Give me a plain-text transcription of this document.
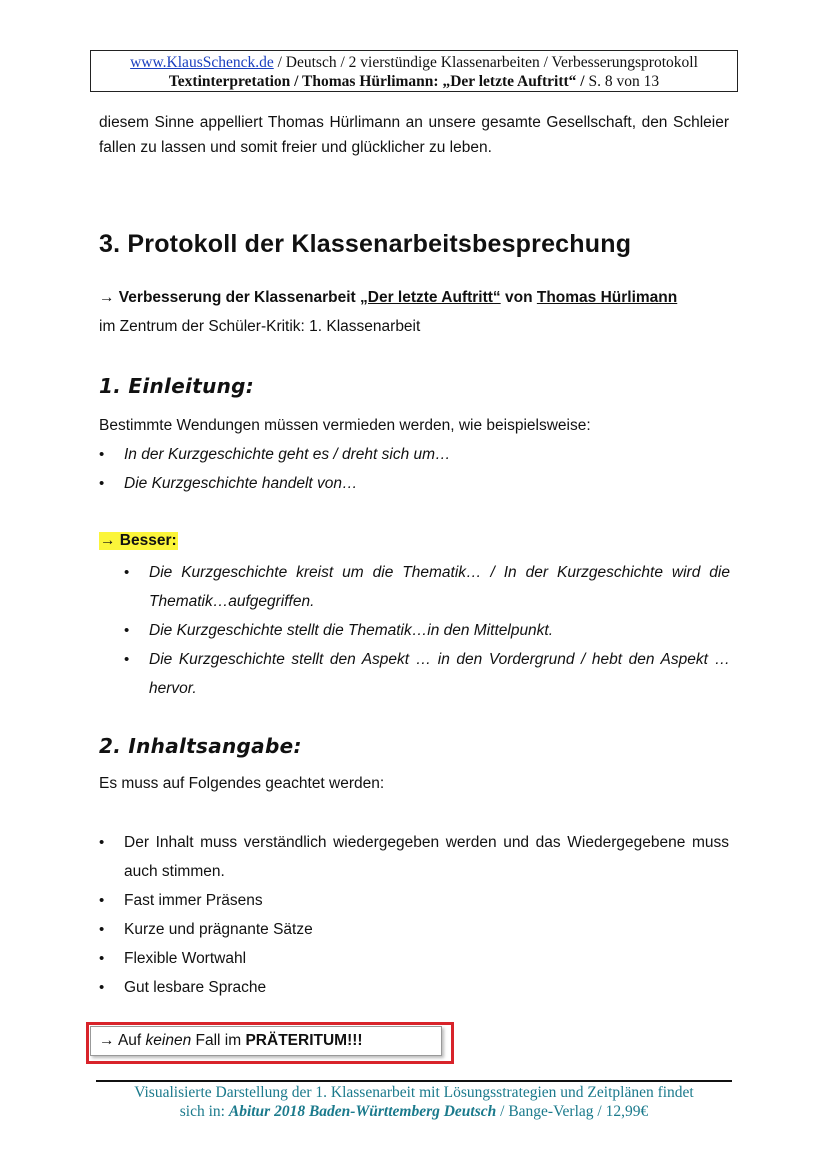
www.KlausSchenck.de / Deutsch / 2 vierstündige Klassenarbeiten / Verbesserungsprotokoll
Textinterpretation / Thomas Hürlimann: „Der letzte Auftritt“ / S. 8 von 13

diesem Sinne appelliert Thomas Hürlimann an unsere gesamte Gesellschaft, den Schleier fallen zu lassen und somit freier und glücklicher zu leben.

3. Protokoll der Klassenarbeitsbesprechung
→ Verbesserung der Klassenarbeit „Der letzte Auftritt“ von Thomas Hürlimann
im Zentrum der Schüler-Kritik: 1. Klassenarbeit
1. Einleitung:

Bestimmte Wendungen müssen vermieden werden, wie beispielsweise:

• In der Kurzgeschichte geht es / dreht sich um…
• Die Kurzgeschichte handelt von…
→ Besser:
• Die Kurzgeschichte kreist um die Thematik… / In der Kurzgeschichte wird die Thematik…aufgegriffen.
• Die Kurzgeschichte stellt die Thematik…in den Mittelpunkt.
• Die Kurzgeschichte stellt den Aspekt … in den Vordergrund / hebt den Aspekt … hervor.
2. Inhaltsangabe:

Es muss auf Folgendes geachtet werden:

• Der Inhalt muss verständlich wiedergegeben werden und das Wiedergegebene muss auch stimmen.
• Fast immer Präsens
• Kurze und prägnante Sätze
• Flexible Wortwahl
• Gut lesbare Sprache
→ Auf keinen Fall im PRÄTERITUM!!!
Visualisierte Darstellung der 1. Klassenarbeit mit Lösungsstrategien und Zeitplänen findet
sich in: Abitur 2018 Baden-Württemberg Deutsch / Bange-Verlag / 12,99€
